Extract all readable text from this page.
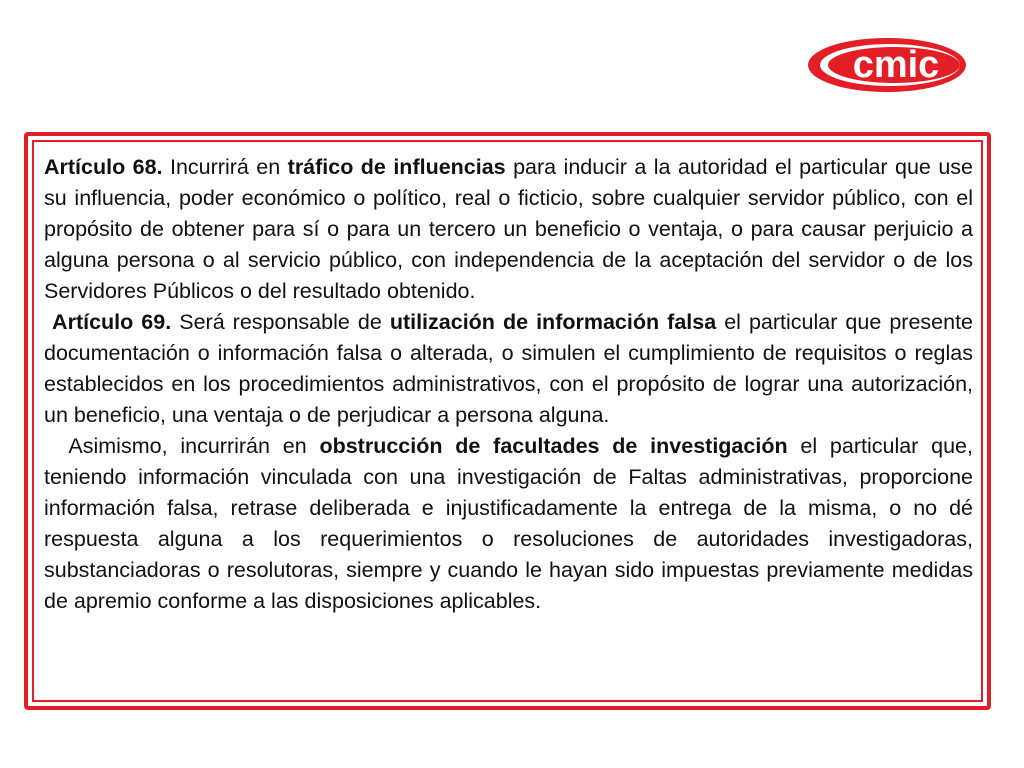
cmic

Artículo 68. Incurrirá en tráfico de influencias para inducir a la autoridad el particular que use su influencia, poder económico o político, real o ficticio, sobre cualquier servidor público, con el propósito de obtener para sí o para un tercero un beneficio o ventaja, o para causar perjuicio a alguna persona o al servicio público, con independencia de la aceptación del servidor o de los Servidores Públicos o del resultado obtenido.

Artículo 69. Será responsable de utilización de información falsa el particular que presente documentación o información falsa o alterada, o simulen el cumplimiento de requisitos o reglas establecidos en los procedimientos administrativos, con el propósito de lograr una autorización, un beneficio, una ventaja o de perjudicar a persona alguna.

Asimismo, incurrirán en obstrucción de facultades de investigación el particular que, teniendo información vinculada con una investigación de Faltas administrativas, proporcione información falsa, retrase deliberada e injustificadamente la entrega de la misma, o no dé respuesta alguna a los requerimientos o resoluciones de autoridades investigadoras, substanciadoras o resolutoras, siempre y cuando le hayan sido impuestas previamente medidas de apremio conforme a las disposiciones aplicables.
